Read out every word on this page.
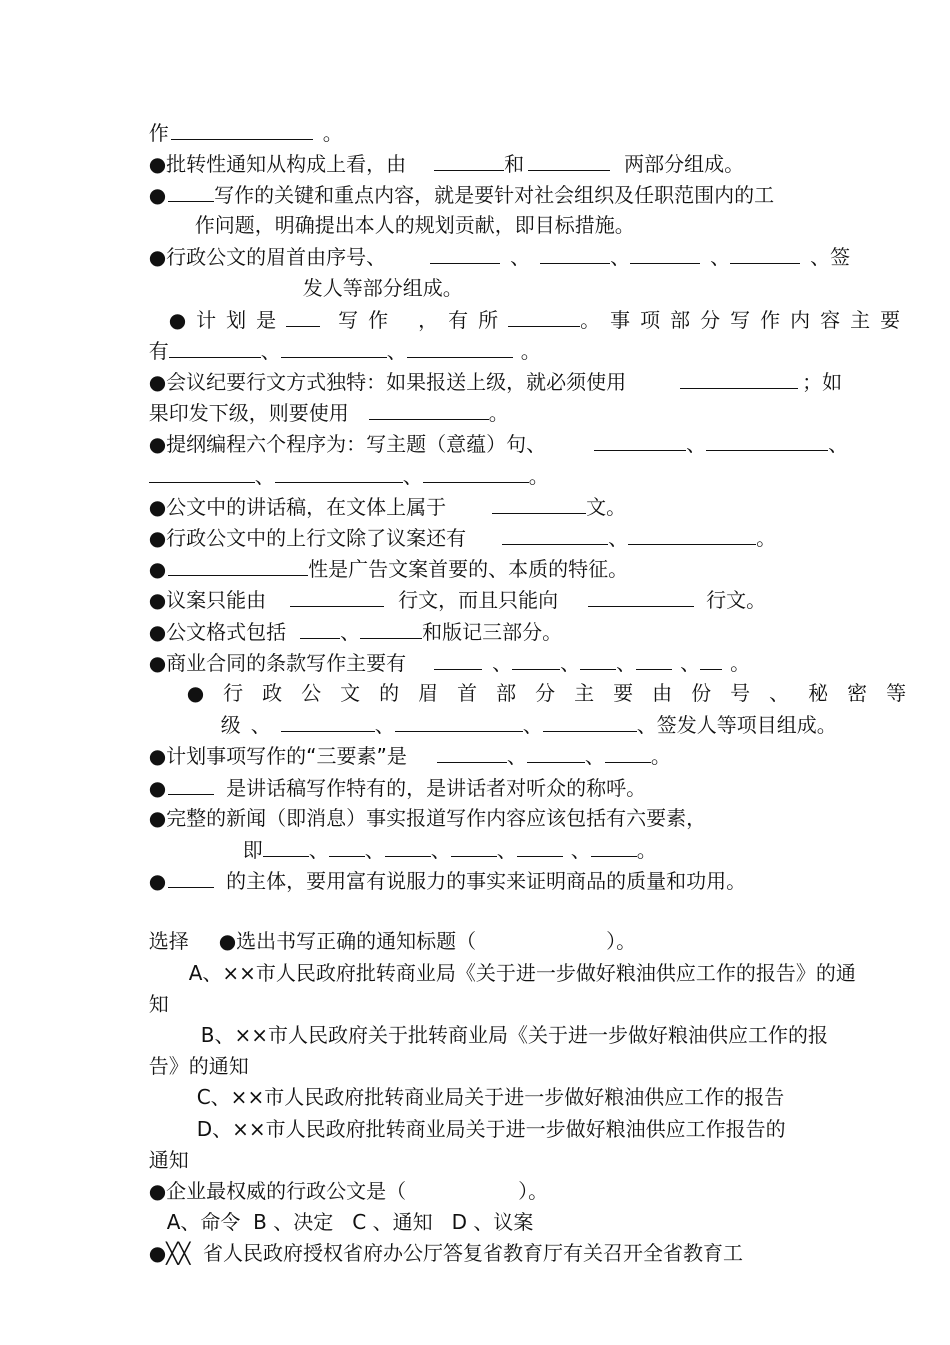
作	。

●批转性通知从构成上看，由	和	两部分组成。

● 写作的关键和重点内容，就是要针对社会组织及任职范围内的工

作问题，明确提出本人的规划贡献，即目标措施。

●行政公文的眉首由序号、	、	、	、	、签

发人等部分组成。

●计划是	写作 ，有所	。事项部分写作内容主要

有	、	、	。

●会议纪要行文方式独特：如果报送上级，就必须使用	；如

果印发下级，则要使用	。

●提纲编程六个程序为：写主题（意蕴）句、	、	、

、	、	。

●公文中的讲话稿，在文体上属于	文。

●行政公文中的上行文除了议案还有	、	。

●	性是广告文案首要的、本质的特征。

●议案只能由	行文，而且只能向	行文。

●公文格式包括	、	和版记三部分。

●商业合同的条款写作主要有	、 、 、 、 。

●行政公文的眉首部分主要由份号、秘密等

级、	、	、	、签发人等项目组成。

●计划事项写作的“三要素”是	、	、 。

●	是讲话稿写作特有的，是讲话者对听众的称呼。

●完整的新闻（即消息）事实报道写作内容应该包括有六要素，

即 、 、 、 、	、 。

●	的主体，要用富有说服力的事实来证明商品的质量和功用。

选择 ●选出书写正确的通知标题（	）。

A、××市人民政府批转商业局《关于进一步做好粮油供应工作的报告》的通

知

B、××市人民政府关于批转商业局《关于进一步做好粮油供应工作的报

告》的通知

C、××市人民政府批转商业局关于进一步做好粮油供应工作的报告

D、××市人民政府批转商业局关于进一步做好粮油供应工作报告的

通知

●企业最权威的行政公文是（	）。

A、命令  B 、决定   C 、通知   D 、议案

●╳╳  省人民政府授权省府办公厅答复省教育厅有关召开全省教育工
